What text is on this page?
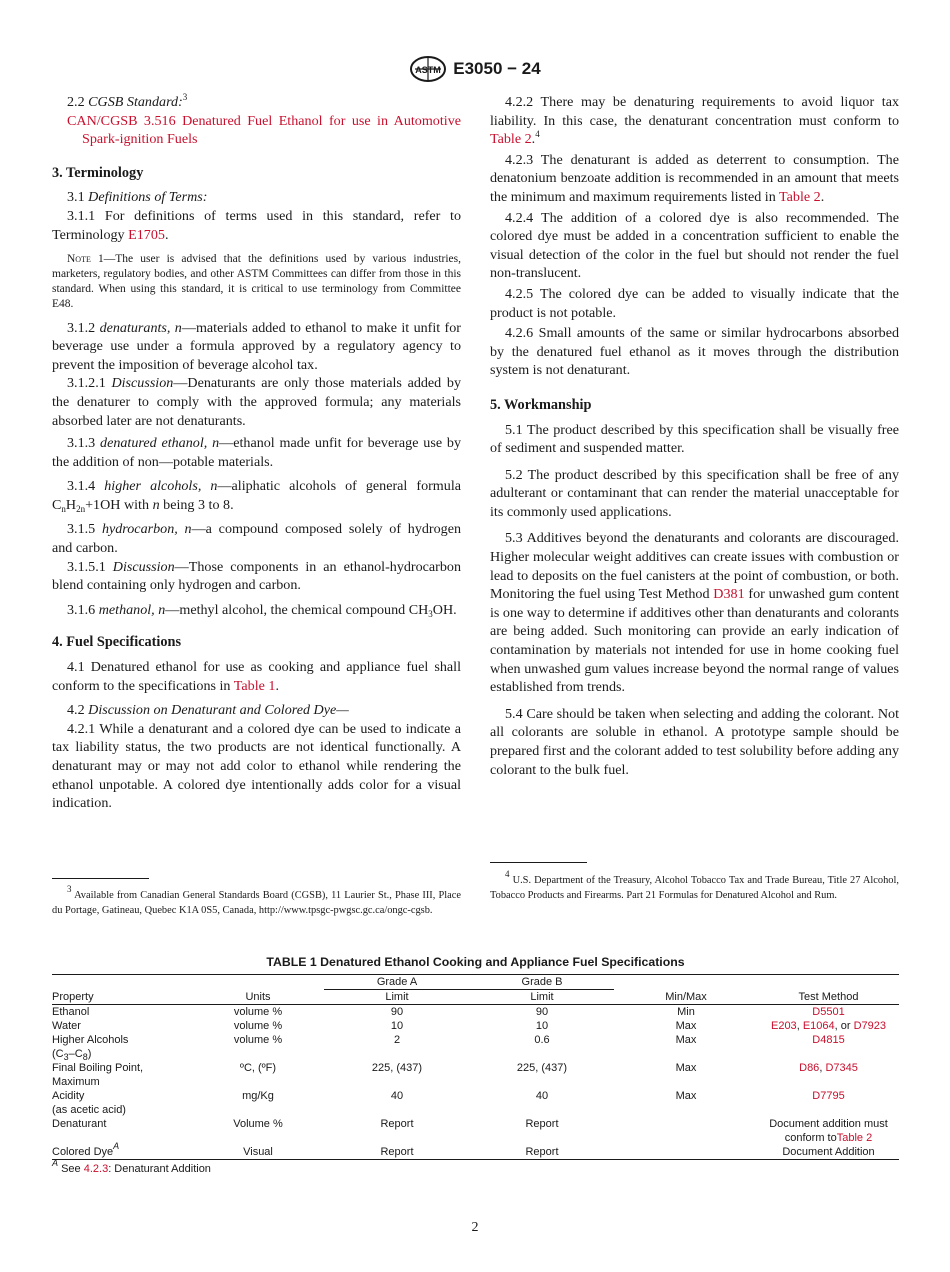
ASTM E3050 − 24

2.2 CGSB Standard:$^3$

CAN/CGSB 3.516 Denatured Fuel Ethanol for use in Automotive Spark-ignition Fuels

3. Terminology

3.1 Definitions of Terms:

3.1.1 For definitions of terms used in this standard, refer to Terminology E1705.

Note 1—The user is advised that the definitions used by various industries, marketers, regulatory bodies, and other ASTM Committees can differ from those in this standard. When using this standard, it is critical to use terminology from Committee E48.

3.1.2 denaturants, n—materials added to ethanol to make it unfit for beverage use under a formula approved by a regulatory agency to prevent the imposition of beverage alcohol tax.

3.1.2.1 Discussion—Denaturants are only those materials added by the denaturer to comply with the approved formula; any materials absorbed later are not denaturants.

3.1.3 denatured ethanol, n—ethanol made unfit for beverage use by the addition of non—potable materials.

3.1.4 higher alcohols, n—aliphatic alcohols of general formula $C_nH_{2n}+1OH$ with n being 3 to 8.

3.1.5 hydrocarbon, n—a compound composed solely of hydrogen and carbon.

3.1.5.1 Discussion—Those components in an ethanol-hydrocarbon blend containing only hydrogen and carbon.

3.1.6 methanol, n—methyl alcohol, the chemical compound $CH_3OH$.

4. Fuel Specifications

4.1 Denatured ethanol for use as cooking and appliance fuel shall conform to the specifications in Table 1.

4.2 Discussion on Denaturant and Colored Dye—

4.2.1 While a denaturant and a colored dye can be used to indicate a tax liability status, the two products are not identical functionally. A denaturant may or may not add color to ethanol while rendering the ethanol unpotable. A colored dye intentionally adds color for a visual indication.

4.2.2 There may be denaturing requirements to avoid liquor tax liability. In this case, the denaturant concentration must conform to Table 2.$^4$

4.2.3 The denaturant is added as deterrent to consumption. The denatonium benzoate addition is recommended in an amount that meets the minimum and maximum requirements listed in Table 2.

4.2.4 The addition of a colored dye is also recommended. The colored dye must be added in a concentration sufficient to enable the visual detection of the color in the fuel but should not render the fuel non-translucent.

4.2.5 The colored dye can be added to visually indicate that the product is not potable.

4.2.6 Small amounts of the same or similar hydrocarbons absorbed by the denatured fuel ethanol as it moves through the distribution system is not denaturant.

5. Workmanship

5.1 The product described by this specification shall be visually free of sediment and suspended matter.

5.2 The product described by this specification shall be free of any adulterant or contaminant that can render the material unacceptable for its commonly used applications.

5.3 Additives beyond the denaturants and colorants are discouraged. Higher molecular weight additives can create issues with combustion or lead to deposits on the fuel canisters at the point of combustion, or both. Monitoring the fuel using Test Method D381 for unwashed gum content is one way to determine if additives other than denaturants and colorants are being added. Such monitoring can provide an early indication of contamination by materials not intended for use in home cooking fuel when unwashed gum values increase beyond the normal range of values established from trends.

5.4 Care should be taken when selecting and adding the colorant. Not all colorants are soluble in ethanol. A prototype sample should be prepared first and the colorant added to test solubility before adding any colorant to the bulk fuel.

$^3$ Available from Canadian General Standards Board (CGSB), 11 Laurier St., Phase III, Place du Portage, Gatineau, Quebec K1A 0S5, Canada, http://www.tpsgc-pwgsc.gc.ca/ongc-cgsb.
$^4$ U.S. Department of the Treasury, Alcohol Tobacco Tax and Trade Bureau, Title 27 Alcohol, Tobacco Products and Firearms. Part 21 Formulas for Denatured Alcohol and Rum.
TABLE 1 Denatured Ethanol Cooking and Appliance Fuel Specifications
		Grade A	Grade B		
Property	Units	Limit	Limit	Min/Max	Test Method
Ethanol	volume %	90	90	Min	D5501
Water	volume %	10	10	Max	E203, E1064, or D7923
Higher Alcohols
$(C_3-C_8)$	volume %	2	0.6	Max	D4815
Final Boiling Point,
Maximum	ºC, (ºF)	225, (437)	225, (437)	Max	D86, D7345
Acidity
(as acetic acid)	mg/Kg	40	40	Max	D7795
Denaturant	Volume %	Report	Report		Document addition must
conform toTable 2
Colored Dye$^A$	Visual	Report	Report		Document Addition
$^A$ See 4.2.3: Denaturant Addition
2
